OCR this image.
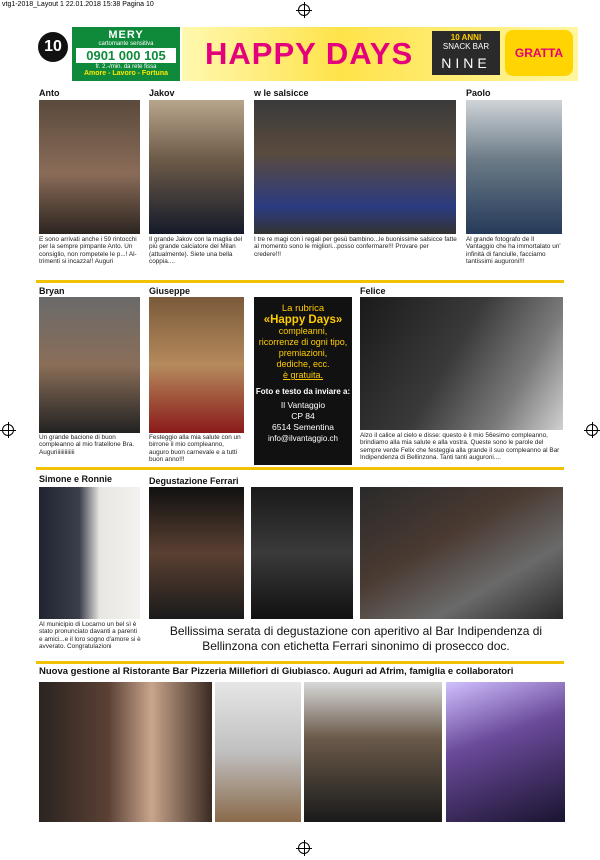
vtg1-2018_Layout 1 22.01.2018 15:38 Pagina 10
10
MERY
cartomante sensitiva
0901 000 105
fr. 2.-/min. da rete fissa
Amore - Lavoro - Fortuna
HAPPY DAYS	10 ANNI
SNACK BAR
NINE
GRATTA
Anto
E sono arrivati anche i 59 rintocchi per la sempre pimpante Anto. Un consiglio, non rompetele le p...! Al-trimenti si incazza!! Auguri
Jakov
Il grande Jakov con la maglia del più grande calciatore del Milan (attualmente). Siete una bella coppia....
w le salsicce
I tre re magi con i regali per gesù bambino...le buonissime salsicce fatte al momento sono le migliori...posso confermare!!! Provare per credere!!!
Paolo
Al grande fotografo de Il Vantaggio che ha immortalato un' infinità di fanciulle, facciamo tantissimi auguroni!!!
Bryan
Un grande bacione di buon compleanno al mio fratellone Bra. Auguriiiiiiiiiiiii
Giuseppe
Festeggio alla mia salute con un birrone il mio compleanno, auguro buon carnevale e a tutti buon anno!!!
La rubrica
«Happy Days»
compleanni,
ricorrenze di ogni tipo,
premiazioni,
dediche, ecc.
è gratuita.
Foto e testo da inviare a:
Il Vantaggio
CP 84
6514 Sementina
info@ilvantaggio.ch
Felice
Alzo il calice al cielo e disse: questo è il mio 56esimo compleanno, brindiamo alla mia salute e alla vostra. Queste sono le parole del sempre verde Felix che festeggia alla grande il suo compleanno al Bar Indipendenza di Bellinzona. Tanti tanti auguroni....
Simone e Ronnie
Al municipio di Locarno un bel sì è stato pronunciato davanti a parenti e amici...e il loro sogno d'amore si è avverato. Congratulazioni
Degustazione Ferrari
Bellissima serata di degustazione con aperitivo al Bar Indipendenza di Bellinzona con etichetta Ferrari sinonimo di prosecco doc.
Nuova gestione al Ristorante Bar Pizzeria Millefiori di Giubiasco. Auguri ad Afrim, famiglia e collaboratori
